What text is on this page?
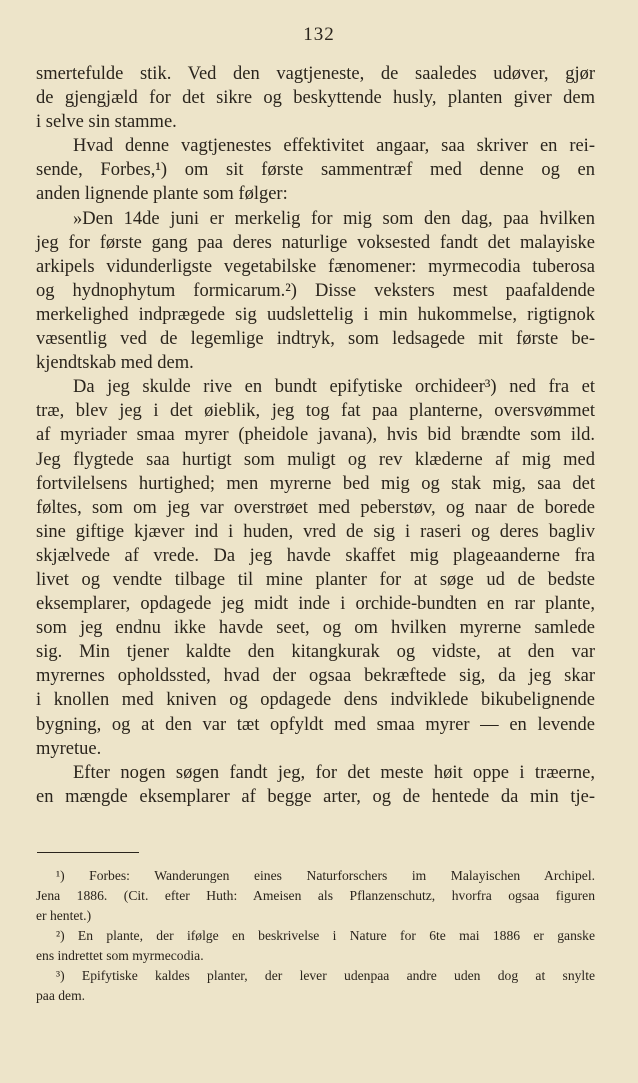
132
smertefulde stik. Ved den vagtjeneste, de saaledes udøver, gjør
de gjengjæld for det sikre og beskyttende husly, planten giver dem
i selve sin stamme.
Hvad denne vagtjenestes effektivitet angaar, saa skriver en rei-
sende, Forbes,¹) om sit første sammentræf med denne og en
anden lignende plante som følger:
»Den 14de juni er merkelig for mig som den dag, paa hvilken
jeg for første gang paa deres naturlige voksested fandt det malayiske
arkipels vidunderligste vegetabilske fænomener: myrmecodia tuberosa
og hydnophytum formicarum.²) Disse veksters mest paafaldende
merkelighed indprægede sig uudslettelig i min hukommelse, rigtignok
væsentlig ved de legemlige indtryk, som ledsagede mit første be-
kjendtskab med dem.
Da jeg skulde rive en bundt epifytiske orchideer³) ned fra et
træ, blev jeg i det øieblik, jeg tog fat paa planterne, oversvømmet
af myriader smaa myrer (pheidole javana), hvis bid brændte som ild.
Jeg flygtede saa hurtigt som muligt og rev klæderne af mig med
fortvilelsens hurtighed; men myrerne bed mig og stak mig, saa det
føltes, som om jeg var overstrøet med peberstøv, og naar de borede
sine giftige kjæver ind i huden, vred de sig i raseri og deres bagliv
skjælvede af vrede. Da jeg havde skaffet mig plageaanderne fra
livet og vendte tilbage til mine planter for at søge ud de bedste
eksemplarer, opdagede jeg midt inde i orchide-bundten en rar plante,
som jeg endnu ikke havde seet, og om hvilken myrerne samlede
sig. Min tjener kaldte den kitangkurak og vidste, at den var
myrernes opholdssted, hvad der ogsaa bekræftede sig, da jeg skar
i knollen med kniven og opdagede dens indviklede bikubelignende
bygning, og at den var tæt opfyldt med smaa myrer — en levende
myretue.
Efter nogen søgen fandt jeg, for det meste høit oppe i træerne,
en mængde eksemplarer af begge arter, og de hentede da min tje-
¹) Forbes: Wanderungen eines Naturforschers im Malayischen Archipel.
Jena 1886. (Cit. efter Huth: Ameisen als Pflanzenschutz, hvorfra ogsaa figuren
er hentet.)
²) En plante, der ifølge en beskrivelse i Nature for 6te mai 1886 er ganske
ens indrettet som myrmecodia.
³) Epifytiske kaldes planter, der lever udenpaa andre uden dog at snylte
paa dem.
